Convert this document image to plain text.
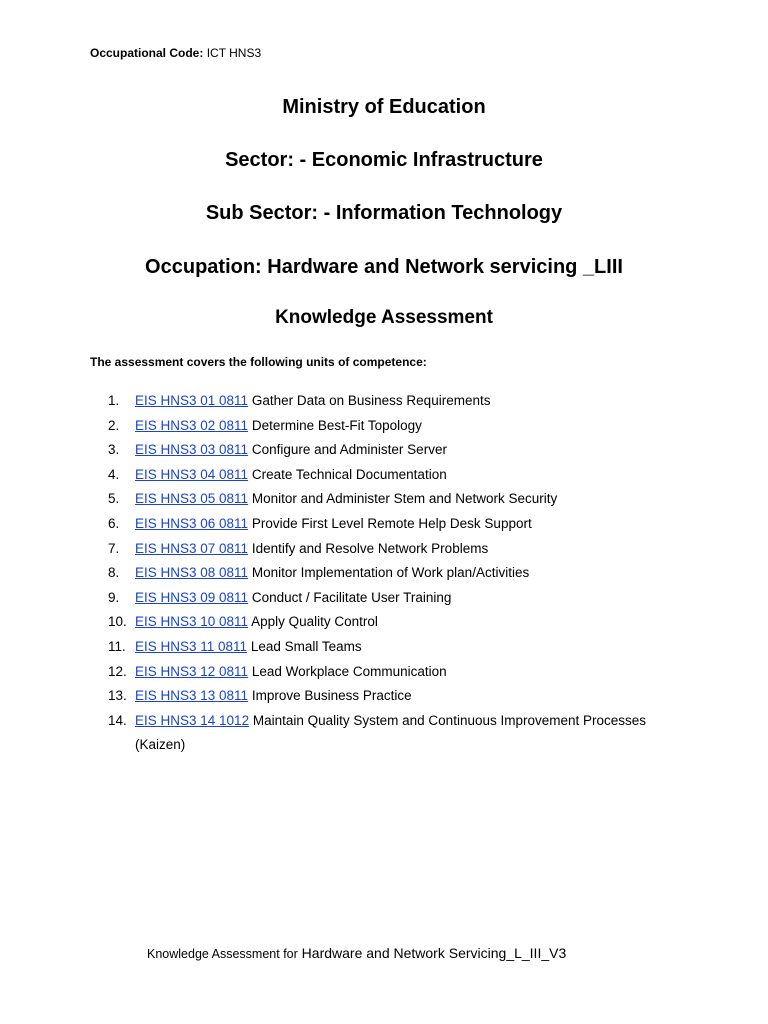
Occupational Code: ICT HNS3
Ministry of Education
Sector: - Economic Infrastructure
Sub Sector: - Information Technology
Occupation: Hardware and Network servicing _LIII
Knowledge Assessment
The assessment covers the following units of competence:
1.	EIS HNS3 01 0811 Gather Data on Business Requirements
2.	EIS HNS3 02 0811 Determine Best-Fit Topology
3.	EIS HNS3 03 0811 Configure and Administer Server
4.	EIS HNS3 04 0811 Create Technical Documentation
5.	EIS HNS3 05 0811 Monitor and Administer Stem and Network Security
6.	EIS HNS3 06 0811 Provide First Level Remote Help Desk Support
7.	EIS HNS3 07 0811 Identify and Resolve Network Problems
8.	EIS HNS3 08 0811 Monitor Implementation of Work plan/Activities
9.	EIS HNS3 09 0811 Conduct / Facilitate User Training
10. EIS HNS3 10 0811 Apply Quality Control
11. EIS HNS3 11 0811 Lead Small Teams
12. EIS HNS3 12 0811 Lead Workplace Communication
13. EIS HNS3 13 0811 Improve Business Practice
14. EIS HNS3 14 1012 Maintain Quality System and Continuous Improvement Processes (Kaizen)
Knowledge Assessment for Hardware and Network Servicing_L_III_V3
